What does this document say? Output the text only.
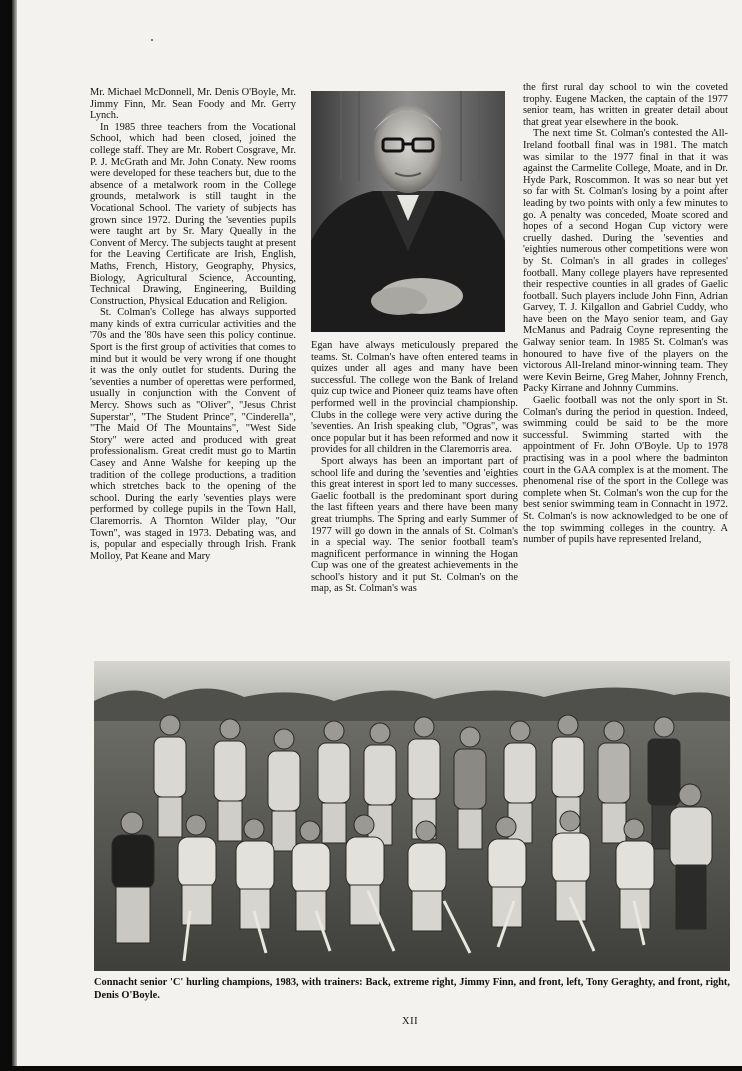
Mr. Michael McDonnell, Mr. Denis O'Boyle, Mr. Jimmy Finn, Mr. Sean Foody and Mr. Gerry Lynch.

In 1985 three teachers from the Vocational School, which had been closed, joined the college staff. They are Mr. Robert Cosgrave, Mr. P. J. McGrath and Mr. John Conaty. New rooms were developed for these teachers but, due to the absence of a metalwork room in the College grounds, metalwork is still taught in the Vocational School. The variety of subjects has grown since 1972. During the 'seventies pupils were taught art by Sr. Mary Queally in the Convent of Mercy. The subjects taught at present for the Leaving Certificate are Irish, English, Maths, French, History, Geography, Physics, Biology, Agricultural Science, Accounting, Technical Drawing, Engineering, Building Construction, Physical Education and Religion.

St. Colman's College has always supported many kinds of extra curricular activities and the '70s and the '80s have seen this policy continue. Sport is the first group of activities that comes to mind but it would be very wrong if one thought it was the only outlet for students. During the 'seventies a number of operettas were performed, usually in conjunction with the Convent of Mercy. Shows such as "Oliver", "Jesus Christ Superstar", "The Student Prince", "Cinderella", "The Maid Of The Mountains", "West Side Story" were acted and produced with great professionalism. Great credit must go to Martin Casey and Anne Walshe for keeping up the tradition of the college productions, a tradition which stretches back to the opening of the school. During the early 'seventies plays were performed by college pupils in the Town Hall, Claremorris. A Thornton Wilder play, "Our Town", was staged in 1973. Debating was, and is, popular and especially through Irish. Frank Molloy, Pat Keane and Mary

Egan have always meticulously prepared the teams. St. Colman's have often entered teams in quizes under all ages and many have been successful. The college won the Bank of Ireland quiz cup twice and Pioneer quiz teams have often performed well in the provincial championship. Clubs in the college were very active during the 'seventies. An Irish speaking club, "Ogras", was once popular but it has been reformed and now it provides for all children in the Claremorris area.

Sport always has been an important part of school life and during the 'seventies and 'eighties this great interest in sport led to many successes. Gaelic football is the predominant sport during the last fifteen years and there have been many great triumphs. The Spring and early Summer of 1977 will go down in the annals of St. Colman's in a special way. The senior football team's magnificent performance in winning the Hogan Cup was one of the greatest achievements in the school's history and it put St. Colman's on the map, as St. Colman's was

the first rural day school to win the coveted trophy. Eugene Macken, the captain of the 1977 senior team, has written in greater detail about that great year elsewhere in the book.

The next time St. Colman's contested the All-Ireland football final was in 1981. The match was similar to the 1977 final in that it was against the Carmelite College, Moate, and in Dr. Hyde Park, Roscommon. It was so near but yet so far with St. Colman's losing by a point after leading by two points with only a few minutes to go. A penalty was conceded, Moate scored and hopes of a second Hogan Cup victory were cruelly dashed. During the 'seventies and 'eighties numerous other competitions were won by St. Colman's in all grades in colleges' football. Many college players have represented their respective counties in all grades of Gaelic football. Such players include John Finn, Adrian Garvey, T. J. Kilgallon and Gabriel Cuddy, who have been on the Mayo senior team, and Gay McManus and Padraig Coyne representing the Galway senior team. In 1985 St. Colman's was honoured to have five of the players on the victorous All-Ireland minor-winning team. They were Kevin Beirne, Greg Maher, Johnny French, Packy Kirrane and Johnny Cummins.

Gaelic football was not the only sport in St. Colman's during the period in question. Indeed, swimming could be said to be the more successful. Swimming started with the appointment of Fr. John O'Boyle. Up to 1978 practising was in a pool where the badminton court in the GAA complex is at the moment. The phenomenal rise of the sport in the College was complete when St. Colman's won the cup for the best senior swimming team in Connacht in 1972. St. Colman's is now acknowledged to be one of the top swimming colleges in the country. A number of pupils have represented Ireland,

Connacht senior 'C' hurling champions, 1983, with trainers: Back, extreme right, Jimmy Finn, and front, left, Tony Geraghty, and front, right, Denis O'Boyle.
XII
